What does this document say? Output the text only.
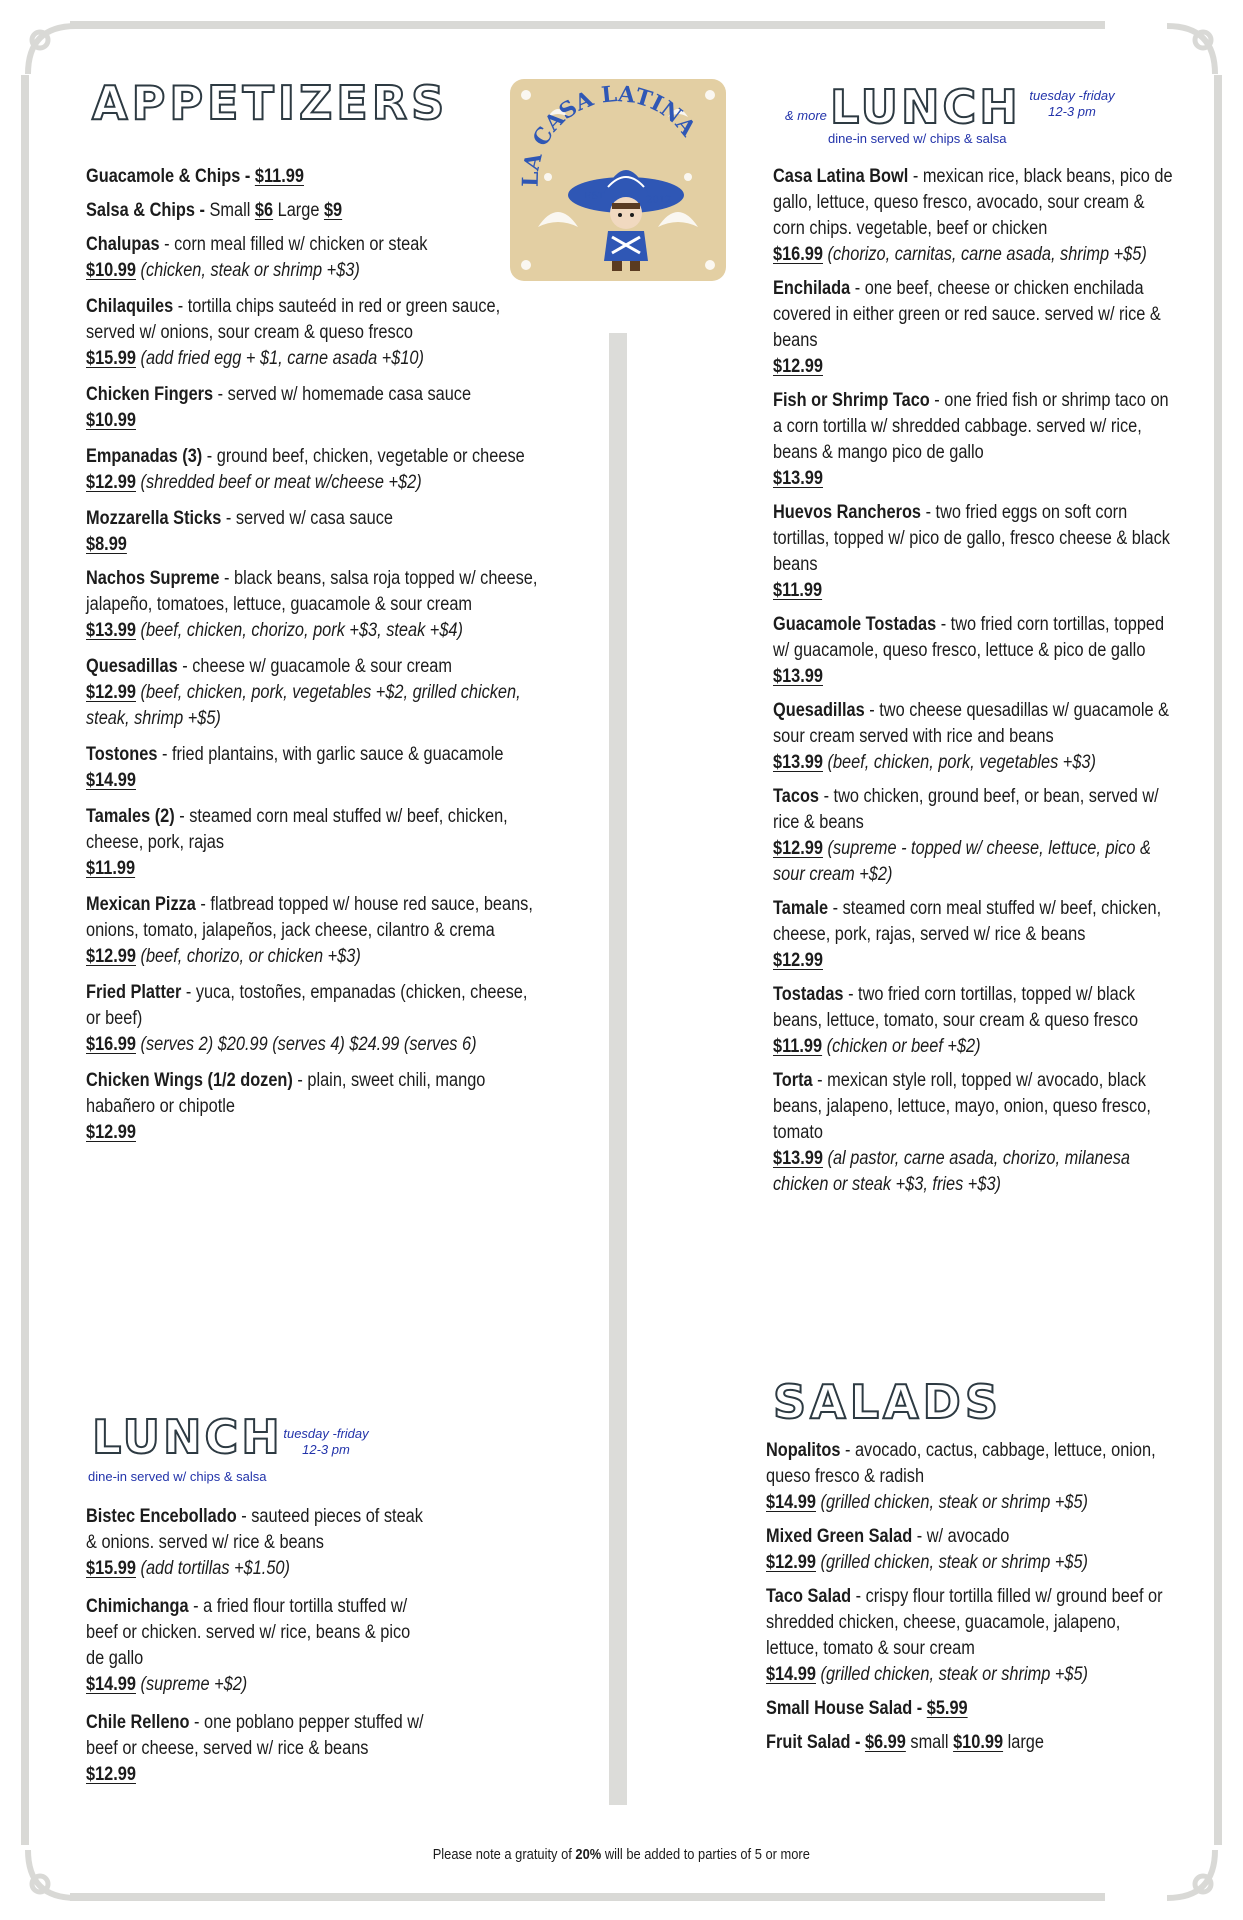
APPETIZERS
LA CASA LATINA
EST	2012
& more LUNCH tuesday -friday
12-3 pm
dine-in served w/ chips & salsa
Guacamole & Chips - $11.99
Salsa & Chips - Small $6 Large $9
Chalupas - corn meal filled w/ chicken or steak
$10.99 (chicken, steak or shrimp +$3)
Chilaquiles - tortilla chips sauteéd in red or green sauce, served w/ onions, sour cream & queso fresco
$15.99 (add fried egg + $1, carne asada +$10)
Chicken Fingers - served w/ homemade casa sauce
$10.99
Empanadas (3) - ground beef, chicken, vegetable or cheese
$12.99 (shredded beef or meat w/cheese +$2)
Mozzarella Sticks - served w/ casa sauce
$8.99
Nachos Supreme - black beans, salsa roja topped w/ cheese, jalapeño, tomatoes, lettuce, guacamole & sour cream
$13.99 (beef, chicken, chorizo, pork +$3, steak +$4)
Quesadillas - cheese w/ guacamole & sour cream
$12.99 (beef, chicken, pork, vegetables +$2, grilled chicken, steak, shrimp +$5)
Tostones - fried plantains, with garlic sauce & guacamole
$14.99
Tamales (2) - steamed corn meal stuffed w/ beef, chicken, cheese, pork, rajas
$11.99
Mexican Pizza - flatbread topped w/ house red sauce, beans, onions, tomato, jalapeños, jack cheese, cilantro & crema
$12.99 (beef, chorizo, or chicken +$3)
Fried Platter - yuca, tostoñes, empanadas (chicken, cheese, or beef)
$16.99 (serves 2) $20.99 (serves 4) $24.99 (serves 6)
Chicken Wings (1/2 dozen) - plain, sweet chili, mango habañero or chipotle
$12.99
LUNCH tuesday -friday
12-3 pm
dine-in served w/ chips & salsa
Bistec Encebollado - sauteed pieces of steak & onions. served w/ rice & beans
$15.99 (add tortillas +$1.50)
Chimichanga - a fried flour tortilla stuffed w/ beef or chicken. served w/ rice, beans & pico de gallo
$14.99 (supreme +$2)
Chile Relleno - one poblano pepper stuffed w/ beef or cheese, served w/ rice & beans
$12.99
Casa Latina Bowl - mexican rice, black beans, pico de gallo, lettuce, queso fresco, avocado, sour cream & corn chips. vegetable, beef or chicken
$16.99 (chorizo, carnitas, carne asada, shrimp +$5)
Enchilada - one beef, cheese or chicken enchilada covered in either green or red sauce. served w/ rice & beans
$12.99
Fish or Shrimp Taco - one fried fish or shrimp taco on a corn tortilla w/ shredded cabbage. served w/ rice, beans & mango pico de gallo
$13.99
Huevos Rancheros - two fried eggs on soft corn tortillas, topped w/ pico de gallo, fresco cheese & black beans
$11.99
Guacamole Tostadas - two fried corn tortillas, topped w/ guacamole, queso fresco, lettuce & pico de gallo
$13.99
Quesadillas - two cheese quesadillas w/ guacamole & sour cream served with rice and beans
$13.99 (beef, chicken, pork, vegetables +$3)
Tacos - two chicken, ground beef, or bean, served w/ rice & beans
$12.99 (supreme - topped w/ cheese, lettuce, pico & sour cream +$2)
Tamale - steamed corn meal stuffed w/ beef, chicken, cheese, pork, rajas, served w/ rice & beans
$12.99
Tostadas - two fried corn tortillas, topped w/ black beans, lettuce, tomato, sour cream & queso fresco
$11.99 (chicken or beef +$2)
Torta - mexican style roll, topped w/ avocado, black beans, jalapeno, lettuce, mayo, onion, queso fresco, tomato
$13.99 (al pastor, carne asada, chorizo, milanesa chicken or steak +$3, fries +$3)
SALADS
Nopalitos - avocado, cactus, cabbage, lettuce, onion, queso fresco & radish
$14.99 (grilled chicken, steak or shrimp +$5)
Mixed Green Salad - w/ avocado
$12.99 (grilled chicken, steak or shrimp +$5)
Taco Salad - crispy flour tortilla filled w/ ground beef or shredded chicken, cheese, guacamole, jalapeno, lettuce, tomato & sour cream
$14.99 (grilled chicken, steak or shrimp +$5)
Small House Salad - $5.99
Fruit Salad - $6.99 small $10.99 large
Please note a gratuity of 20% will be added to parties of 5 or more
